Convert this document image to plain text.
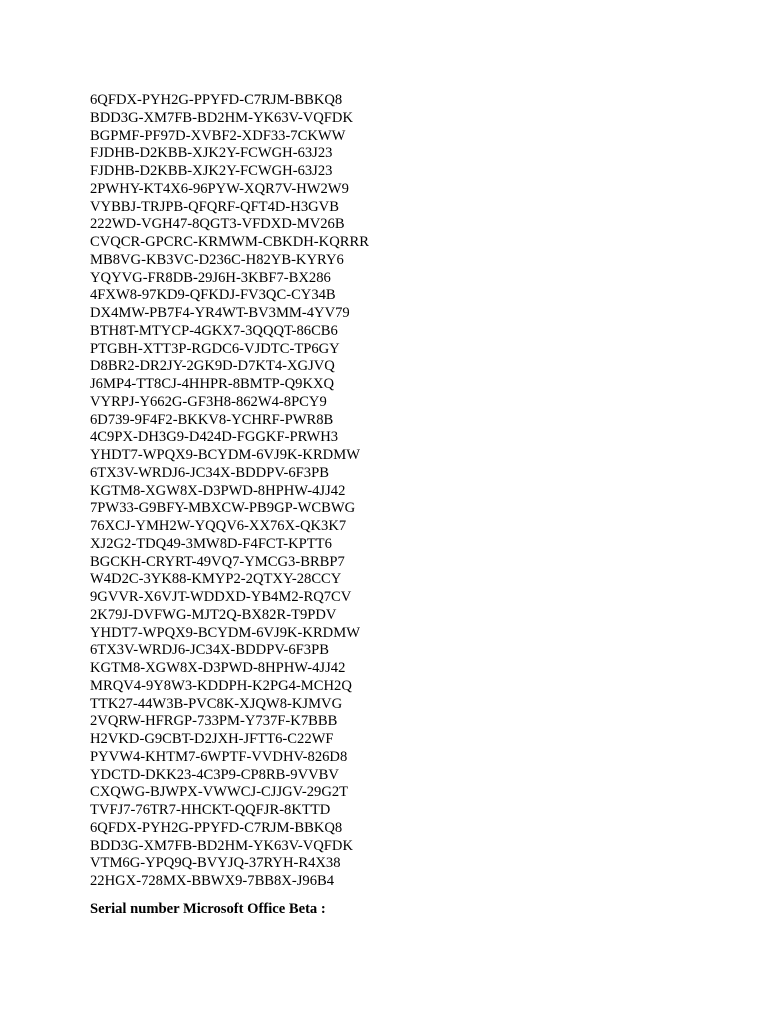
6QFDX-PYH2G-PPYFD-C7RJM-BBKQ8
BDD3G-XM7FB-BD2HM-YK63V-VQFDK
BGPMF-PF97D-XVBF2-XDF33-7CKWW
FJDHB-D2KBB-XJK2Y-FCWGH-63J23
FJDHB-D2KBB-XJK2Y-FCWGH-63J23
2PWHY-KT4X6-96PYW-XQR7V-HW2W9
VYBBJ-TRJPB-QFQRF-QFT4D-H3GVB
222WD-VGH47-8QGT3-VFDXD-MV26B
CVQCR-GPCRC-KRMWM-CBKDH-KQRRR
MB8VG-KB3VC-D236C-H82YB-KYRY6
YQYVG-FR8DB-29J6H-3KBF7-BX286
4FXW8-97KD9-QFKDJ-FV3QC-CY34B
DX4MW-PB7F4-YR4WT-BV3MM-4YV79
BTH8T-MTYCP-4GKX7-3QQQT-86CB6
PTGBH-XTT3P-RGDC6-VJDTC-TP6GY
D8BR2-DR2JY-2GK9D-D7KT4-XGJVQ
J6MP4-TT8CJ-4HHPR-8BMTP-Q9KXQ
VYRPJ-Y662G-GF3H8-862W4-8PCY9
6D739-9F4F2-BKKV8-YCHRF-PWR8B
4C9PX-DH3G9-D424D-FGGKF-PRWH3
YHDT7-WPQX9-BCYDM-6VJ9K-KRDMW
6TX3V-WRDJ6-JC34X-BDDPV-6F3PB
KGTM8-XGW8X-D3PWD-8HPHW-4JJ42
7PW33-G9BFY-MBXCW-PB9GP-WCBWG
76XCJ-YMH2W-YQQV6-XX76X-QK3K7
XJ2G2-TDQ49-3MW8D-F4FCT-KPTT6
BGCKH-CRYRT-49VQ7-YMCG3-BRBP7
W4D2C-3YK88-KMYP2-2QTXY-28CCY
9GVVR-X6VJT-WDDXD-YB4M2-RQ7CV
2K79J-DVFWG-MJT2Q-BX82R-T9PDV
YHDT7-WPQX9-BCYDM-6VJ9K-KRDMW
6TX3V-WRDJ6-JC34X-BDDPV-6F3PB
KGTM8-XGW8X-D3PWD-8HPHW-4JJ42
MRQV4-9Y8W3-KDDPH-K2PG4-MCH2Q
TTK27-44W3B-PVC8K-XJQW8-KJMVG
2VQRW-HFRGP-733PM-Y737F-K7BBB
H2VKD-G9CBT-D2JXH-JFTT6-C22WF
PYVW4-KHTM7-6WPTF-VVDHV-826D8
YDCTD-DKK23-4C3P9-CP8RB-9VVBV
CXQWG-BJWPX-VWWCJ-CJJGV-29G2T
TVFJ7-76TR7-HHCKT-QQFJR-8KTTD
6QFDX-PYH2G-PPYFD-C7RJM-BBKQ8
BDD3G-XM7FB-BD2HM-YK63V-VQFDK
VTM6G-YPQ9Q-BVYJQ-37RYH-R4X38
22HGX-728MX-BBWX9-7BB8X-J96B4
Serial number Microsoft Office Beta :
